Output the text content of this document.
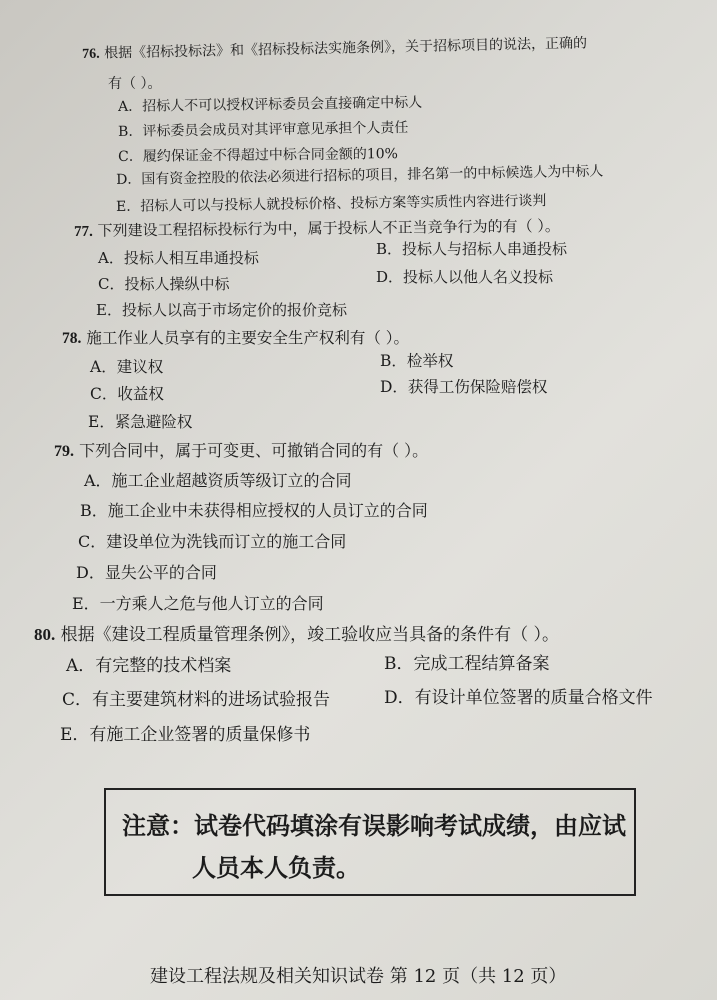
76. 根据《招标投标法》和《招标投标法实施条例》，关于招标项目的说法，正确的
有（ ）。
A．招标人不可以授权评标委员会直接确定中标人
B．评标委员会成员对其评审意见承担个人责任
C．履约保证金不得超过中标合同金额的10%
D．国有资金控股的依法必须进行招标的项目，排名第一的中标候选人为中标人
E．招标人可以与投标人就投标价格、投标方案等实质性内容进行谈判
77. 下列建设工程招标投标行为中，属于投标人不正当竞争行为的有（ ）。
A．投标人相互串通投标	B．投标人与招标人串通投标
C．投标人操纵中标	D．投标人以他人名义投标
E．投标人以高于市场定价的报价竞标
78. 施工作业人员享有的主要安全生产权利有（ ）。
A．建议权	B．检举权
C．收益权	D．获得工伤保险赔偿权
E．紧急避险权
79. 下列合同中，属于可变更、可撤销合同的有（ ）。
A．施工企业超越资质等级订立的合同
B．施工企业中未获得相应授权的人员订立的合同
C．建设单位为洗钱而订立的施工合同
D．显失公平的合同
E．一方乘人之危与他人订立的合同
80. 根据《建设工程质量管理条例》，竣工验收应当具备的条件有（ ）。
A．有完整的技术档案	B．完成工程结算备案
C．有主要建筑材料的进场试验报告	D．有设计单位签署的质量合格文件
E．有施工企业签署的质量保修书
注意：试卷代码填涂有误影响考试成绩，由应试
人员本人负责。
建设工程法规及相关知识试卷 第 12 页（共 12 页）
